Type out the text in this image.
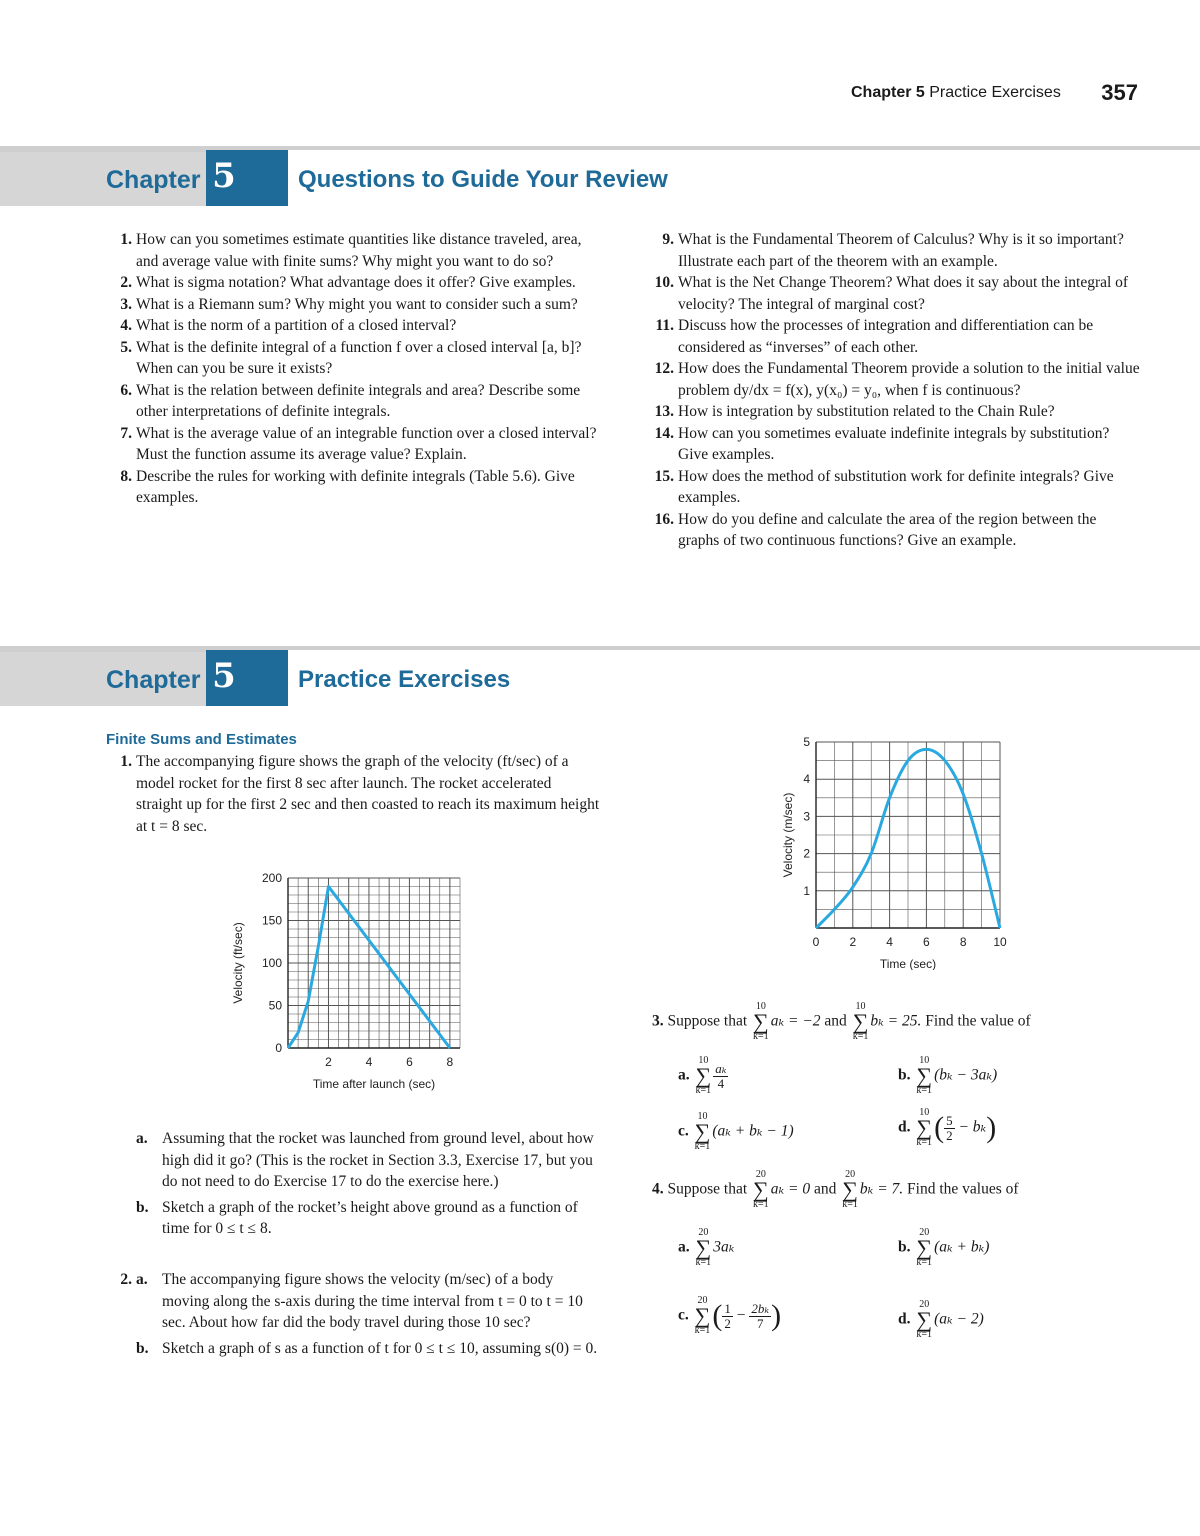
Chapter 5 Practice Exercises 357
Chapter 5	Questions to Guide Your Review

1. How can you sometimes estimate quantities like distance traveled, area, and average value with finite sums? Why might you want to do so?

2. What is sigma notation? What advantage does it offer? Give examples.

3. What is a Riemann sum? Why might you want to consider such a sum?

4. What is the norm of a partition of a closed interval?

5. What is the definite integral of a function f over a closed interval [a, b]? When can you be sure it exists?

6. What is the relation between definite integrals and area? Describe some other interpretations of definite integrals.

7. What is the average value of an integrable function over a closed interval? Must the function assume its average value? Explain.

8. Describe the rules for working with definite integrals (Table 5.6). Give examples.

9. What is the Fundamental Theorem of Calculus? Why is it so important? Illustrate each part of the theorem with an example.

10. What is the Net Change Theorem? What does it say about the integral of velocity? The integral of marginal cost?

11. Discuss how the processes of integration and differentiation can be considered as “inverses” of each other.

12. How does the Fundamental Theorem provide a solution to the initial value problem dy/dx = f(x), y(x₀) = y₀, when f is continuous?

13. How is integration by substitution related to the Chain Rule?

14. How can you sometimes evaluate indefinite integrals by substitution? Give examples.

15. How does the method of substitution work for definite integrals? Give examples.

16. How do you define and calculate the area of the region between the graphs of two continuous functions? Give an example.

Chapter 5	Practice Exercises
Finite Sums and Estimates

1. The accompanying figure shows the graph of the velocity (ft/sec) of a model rocket for the first 8 sec after launch. The rocket accelerated straight up for the first 2 sec and then coasted to reach its maximum height at t = 8 sec.

2	4	6	8
0
50
100
150
200
Time after launch (sec)
Velocity (ft/sec)

a. Assuming that the rocket was launched from ground level, about how high did it go? (This is the rocket in Section 3.3, Exercise 17, but you do not need to do Exercise 17 to do the exercise here.)

b. Sketch a graph of the rocket’s height above ground as a function of time for 0 ≤ t ≤ 8.

2. a. The accompanying figure shows the velocity (m/sec) of a body moving along the s-axis during the time interval from t = 0 to t = 10 sec. About how far did the body travel during those 10 sec?

b. Sketch a graph of s as a function of t for 0 ≤ t ≤ 10, assuming s(0) = 0.

0	2	4	6	8 10
1
2
3
4
5
Time (sec)
Velocity (m/sec)
3. Suppose that 10
∑
k=1aₖ = −2 and 10
∑
k=1bₖ = 25. Find the value of
a. 10
∑
$k=1 \frac{\text{aₖ}}{4}$	b. 10
∑
k=1(bₖ − 3aₖ)
c. 10
∑
k=1(aₖ + bₖ − 1)	d. 10
∑
$k=1( \frac{5}{2} - b_k)$
4. Suppose that 20
∑
k=1aₖ = 0 and 20
∑
k=1bₖ = 7. Find the values of
a. 20
∑
k=13aₖ	b. 20
∑
k=1(aₖ + bₖ)
c. 20
∑
$k=1( \frac{1}{2} - \frac{\text{2bₖ}}{7}$ )	d. 20
∑
k=1(aₖ − 2)
